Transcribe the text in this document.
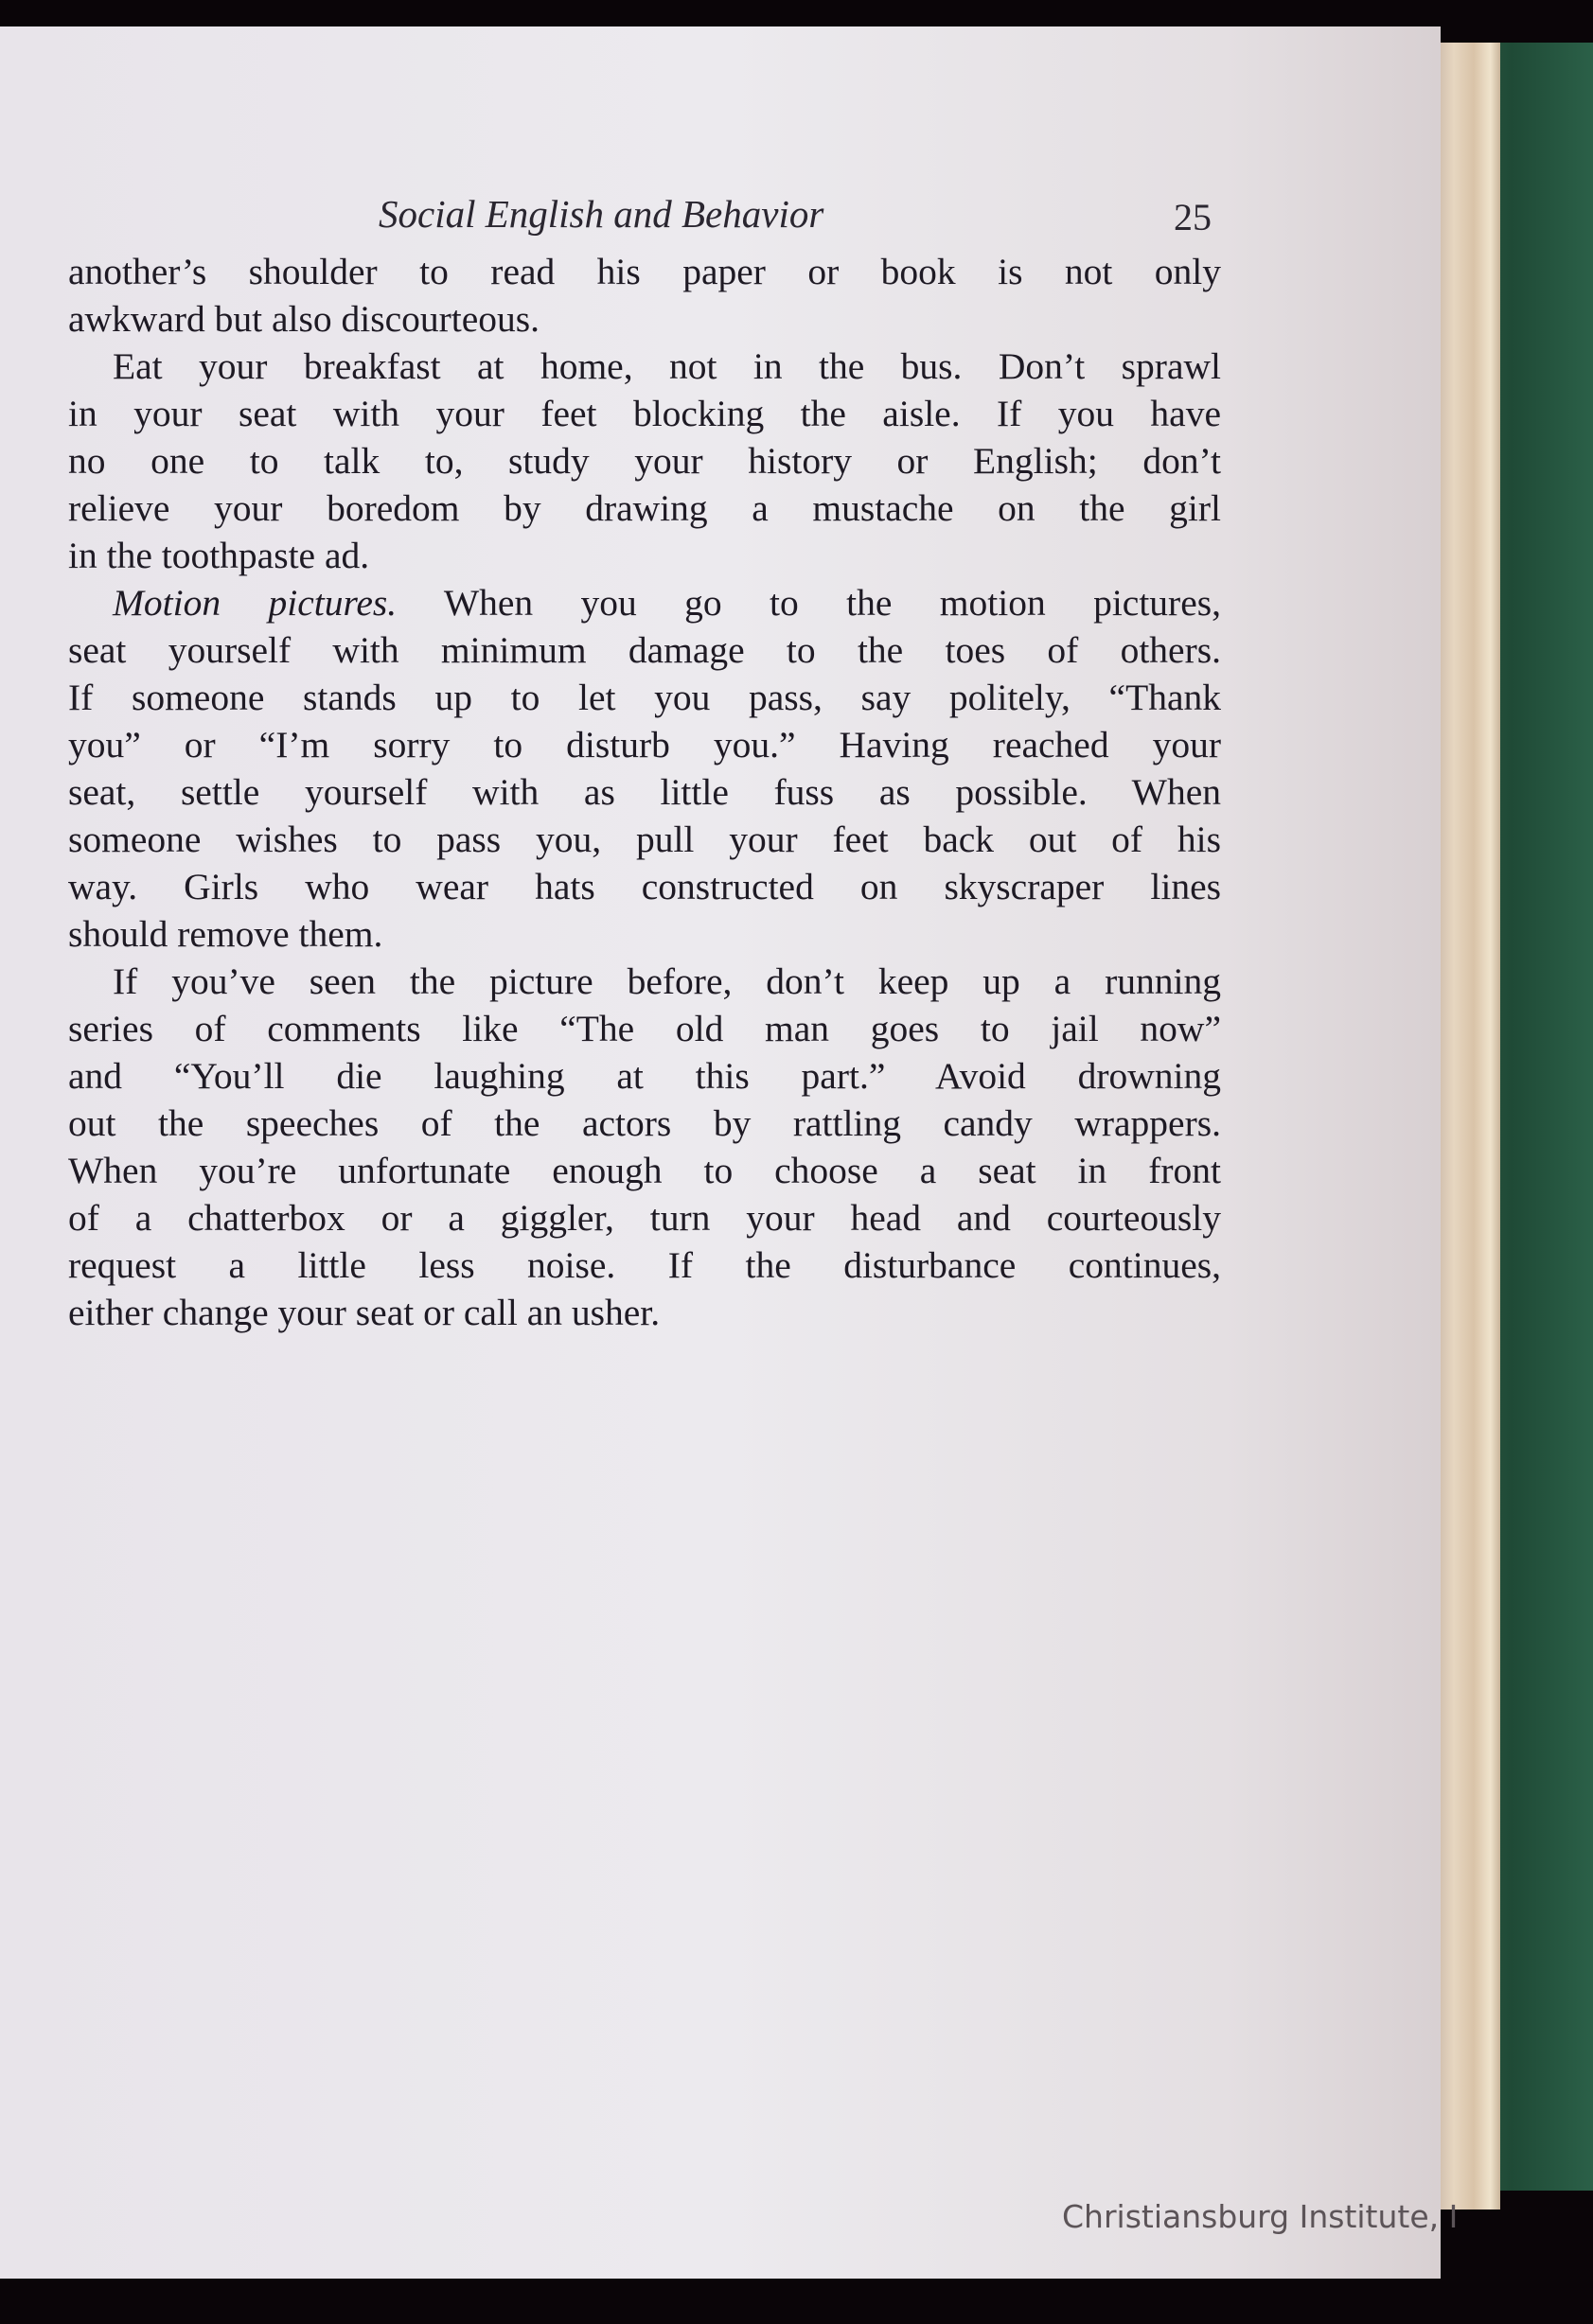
Social English and Behavior	25
another’s shoulder to read his paper or book is not only
awkward but also discourteous.
Eat your breakfast at home, not in the bus. Don’t sprawl
in your seat with your feet blocking the aisle. If you have
no one to talk to, study your history or English; don’t
relieve your boredom by drawing a mustache on the girl
in the toothpaste ad.
Motion pictures. When you go to the motion pictures,
seat yourself with minimum damage to the toes of others.
If someone stands up to let you pass, say politely, “Thank
you” or “I’m sorry to disturb you.” Having reached your
seat, settle yourself with as little fuss as possible. When
someone wishes to pass you, pull your feet back out of his
way. Girls who wear hats constructed on skyscraper lines
should remove them.
If you’ve seen the picture before, don’t keep up a running
series of comments like “The old man goes to jail now”
and “You’ll die laughing at this part.” Avoid drowning
out the speeches of the actors by rattling candy wrappers.
When you’re unfortunate enough to choose a seat in front
of a chatterbox or a giggler, turn your head and courteously
request a little less noise. If the disturbance continues,
either change your seat or call an usher.
Christiansburg Institute, I
